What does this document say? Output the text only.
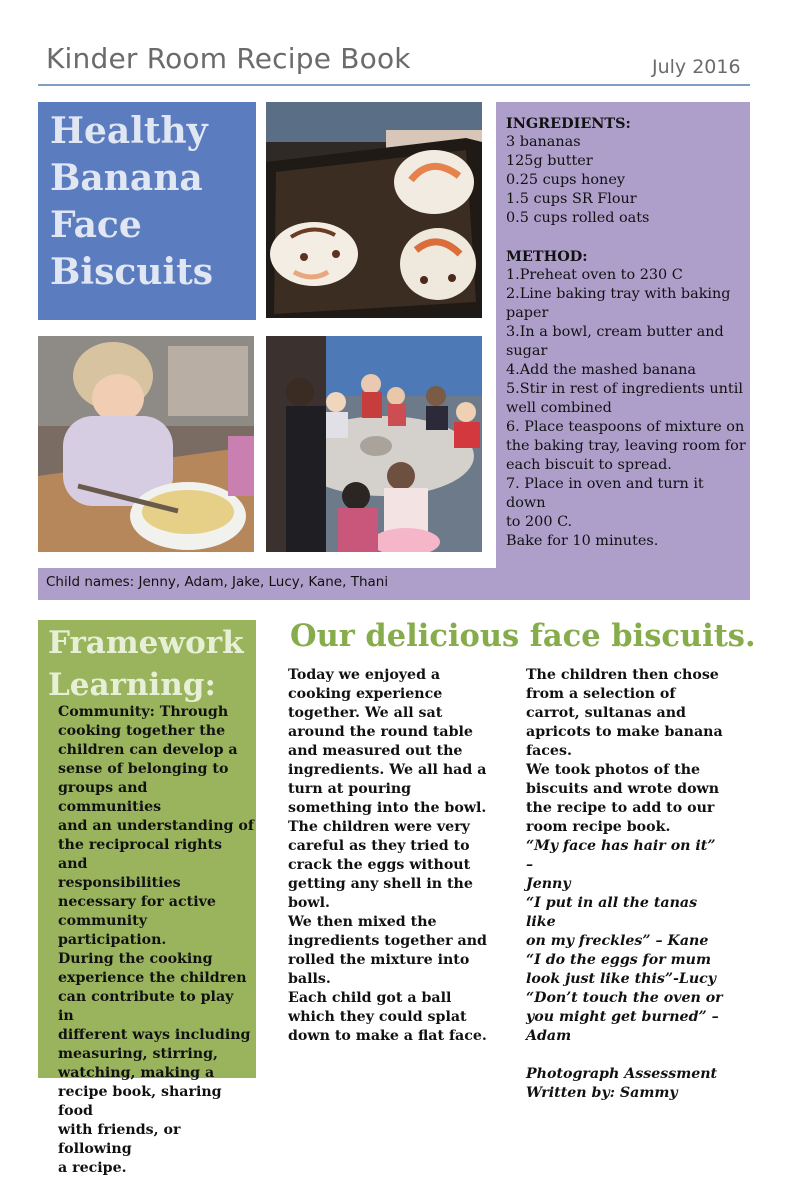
Kinder Room Recipe Book	July 2016
Healthy
Banana
Face
Biscuits
INGREDIENTS:
3 bananas
125g butter
0.25 cups honey
1.5 cups SR Flour
0.5 cups rolled oats
METHOD:
1.Preheat oven to 230 C
2.Line baking tray with baking
paper
3.In a bowl, cream butter and
sugar
4.Add the mashed banana
5.Stir in rest of ingredients until
well combined
6. Place teaspoons of mixture on
the baking tray, leaving room for
each biscuit to spread.
7. Place in oven and turn it down
to 200 C.
Bake for 10 minutes.
Child names: Jenny, Adam, Jake, Lucy, Kane, Thani
Framework Learning:
Community: Through
cooking together the
children can develop a
sense of belonging to
groups and communities
and an understanding of
the reciprocal rights and
responsibilities
necessary for active
community participation.
During the cooking
experience the children
can contribute to play in
different ways including
measuring, stirring,
watching, making a
recipe book, sharing food
with friends, or following
a recipe.
Our delicious face biscuits.
Today we enjoyed a
cooking experience
together. We all sat
around the round table
and measured out the
ingredients. We all had a
turn at pouring
something into the bowl.
The children were very
careful as they tried to
crack the eggs without
getting any shell in the
bowl.
We then mixed the
ingredients together and
rolled the mixture into
balls.
Each child got a ball
which they could splat
down to make a flat face.
The children then chose
from a selection of
carrot, sultanas and
apricots to make banana
faces.
We took photos of the
biscuits and wrote down
the recipe to add to our
room recipe book.
“My face has hair on it” –
Jenny
“I put in all the tanas like
on my freckles” – Kane
“I do the eggs for mum
look just like this”-Lucy
“Don’t touch the oven or
you might get burned” –
Adam
Photograph Assessment
Written by: Sammy
